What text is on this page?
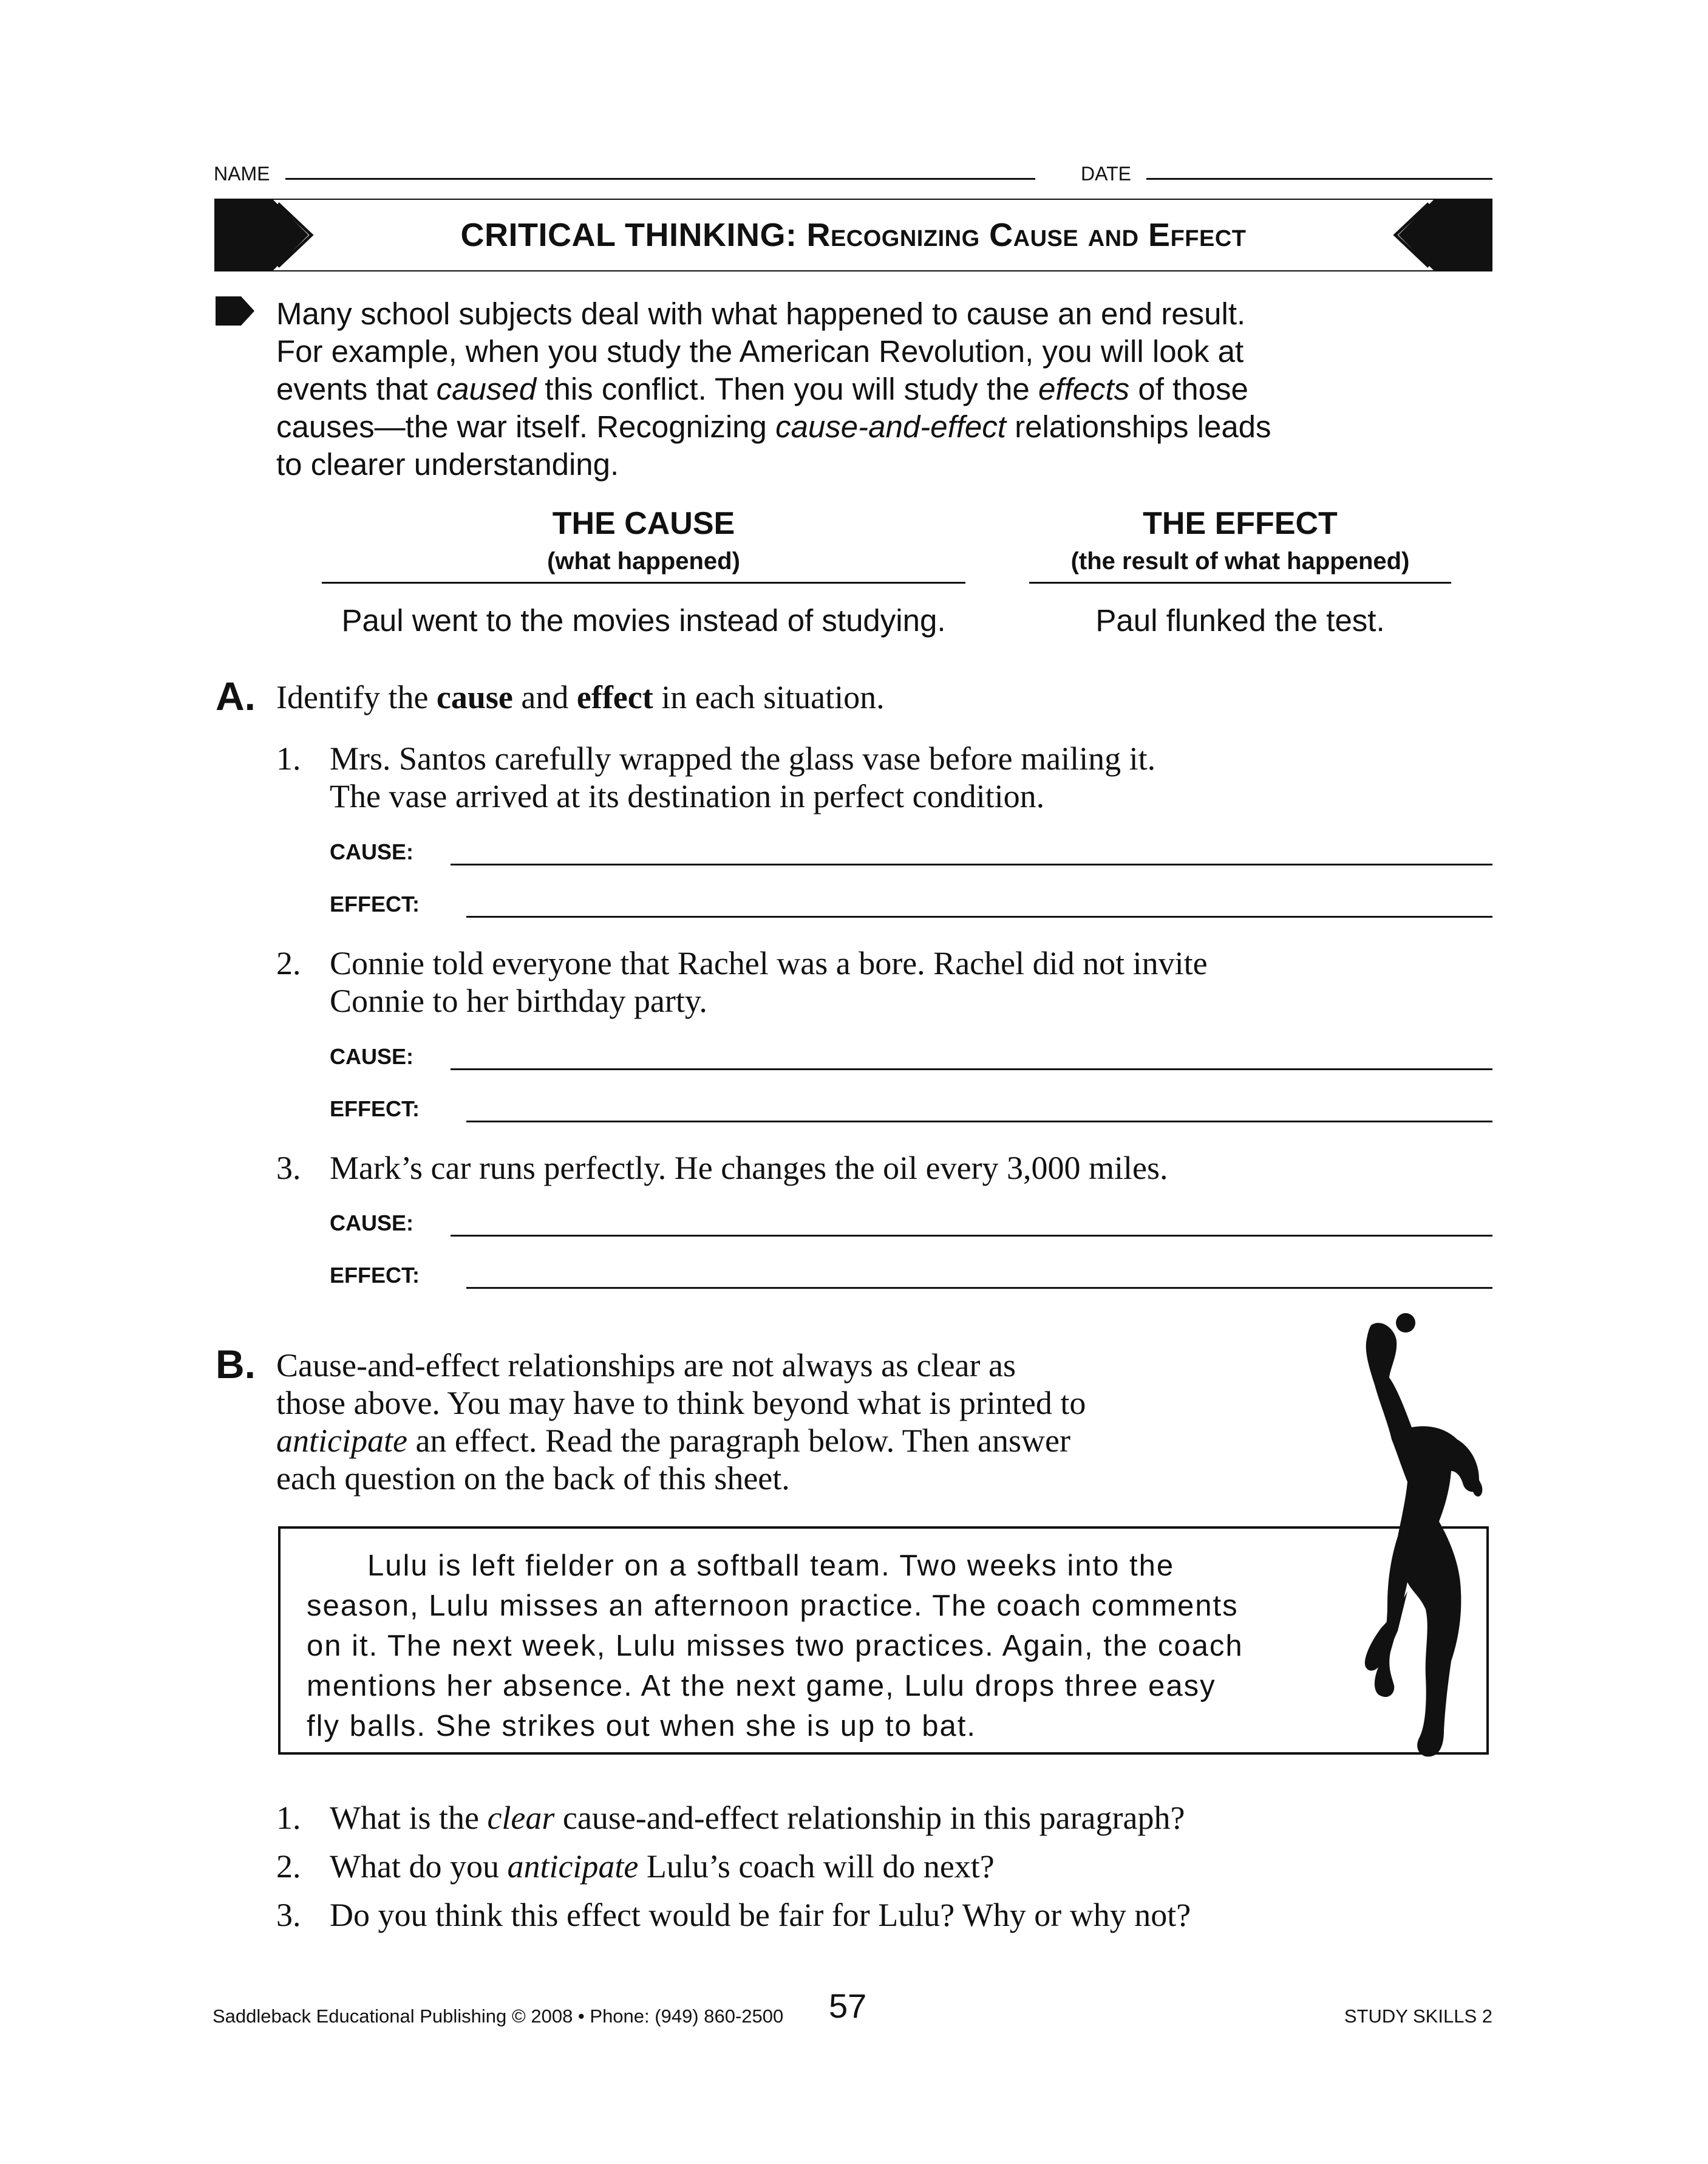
NAME	DATE
CRITICAL THINKING: Recognizing Cause and Effect
Many school subjects deal with what happened to cause an end result.
For example, when you study the American Revolution, you will look at
events that caused this conflict. Then you will study the effects of those
causes—the war itself. Recognizing cause-and-effect relationships leads
to clearer understanding.
THE CAUSE
(what happened)
THE EFFECT
(the result of what happened)
Paul went to the movies instead of studying.	Paul flunked the test.
A. Identify the cause and effect in each situation.
1. Mrs. Santos carefully wrapped the glass vase before mailing it.
The vase arrived at its destination in perfect condition.
CAUSE:
EFFECT:
2. Connie told everyone that Rachel was a bore. Rachel did not invite
Connie to her birthday party.
CAUSE:
EFFECT:
3. Mark’s car runs perfectly. He changes the oil every 3,000 miles.
CAUSE:
EFFECT:
B. Cause-and-effect relationships are not always as clear as
those above. You may have to think beyond what is printed to
anticipate an effect. Read the paragraph below. Then answer
each question on the back of this sheet.
Lulu is left fielder on a softball team. Two weeks into the
season, Lulu misses an afternoon practice. The coach comments
on it. The next week, Lulu misses two practices. Again, the coach
mentions her absence. At the next game, Lulu drops three easy
fly balls. She strikes out when she is up to bat.
1. What is the clear cause-and-effect relationship in this paragraph?
2. What do you anticipate Lulu’s coach will do next?
3. Do you think this effect would be fair for Lulu? Why or why not?
Saddleback Educational Publishing © 2008 • Phone: (949) 860-2500 57	STUDY SKILLS 2
